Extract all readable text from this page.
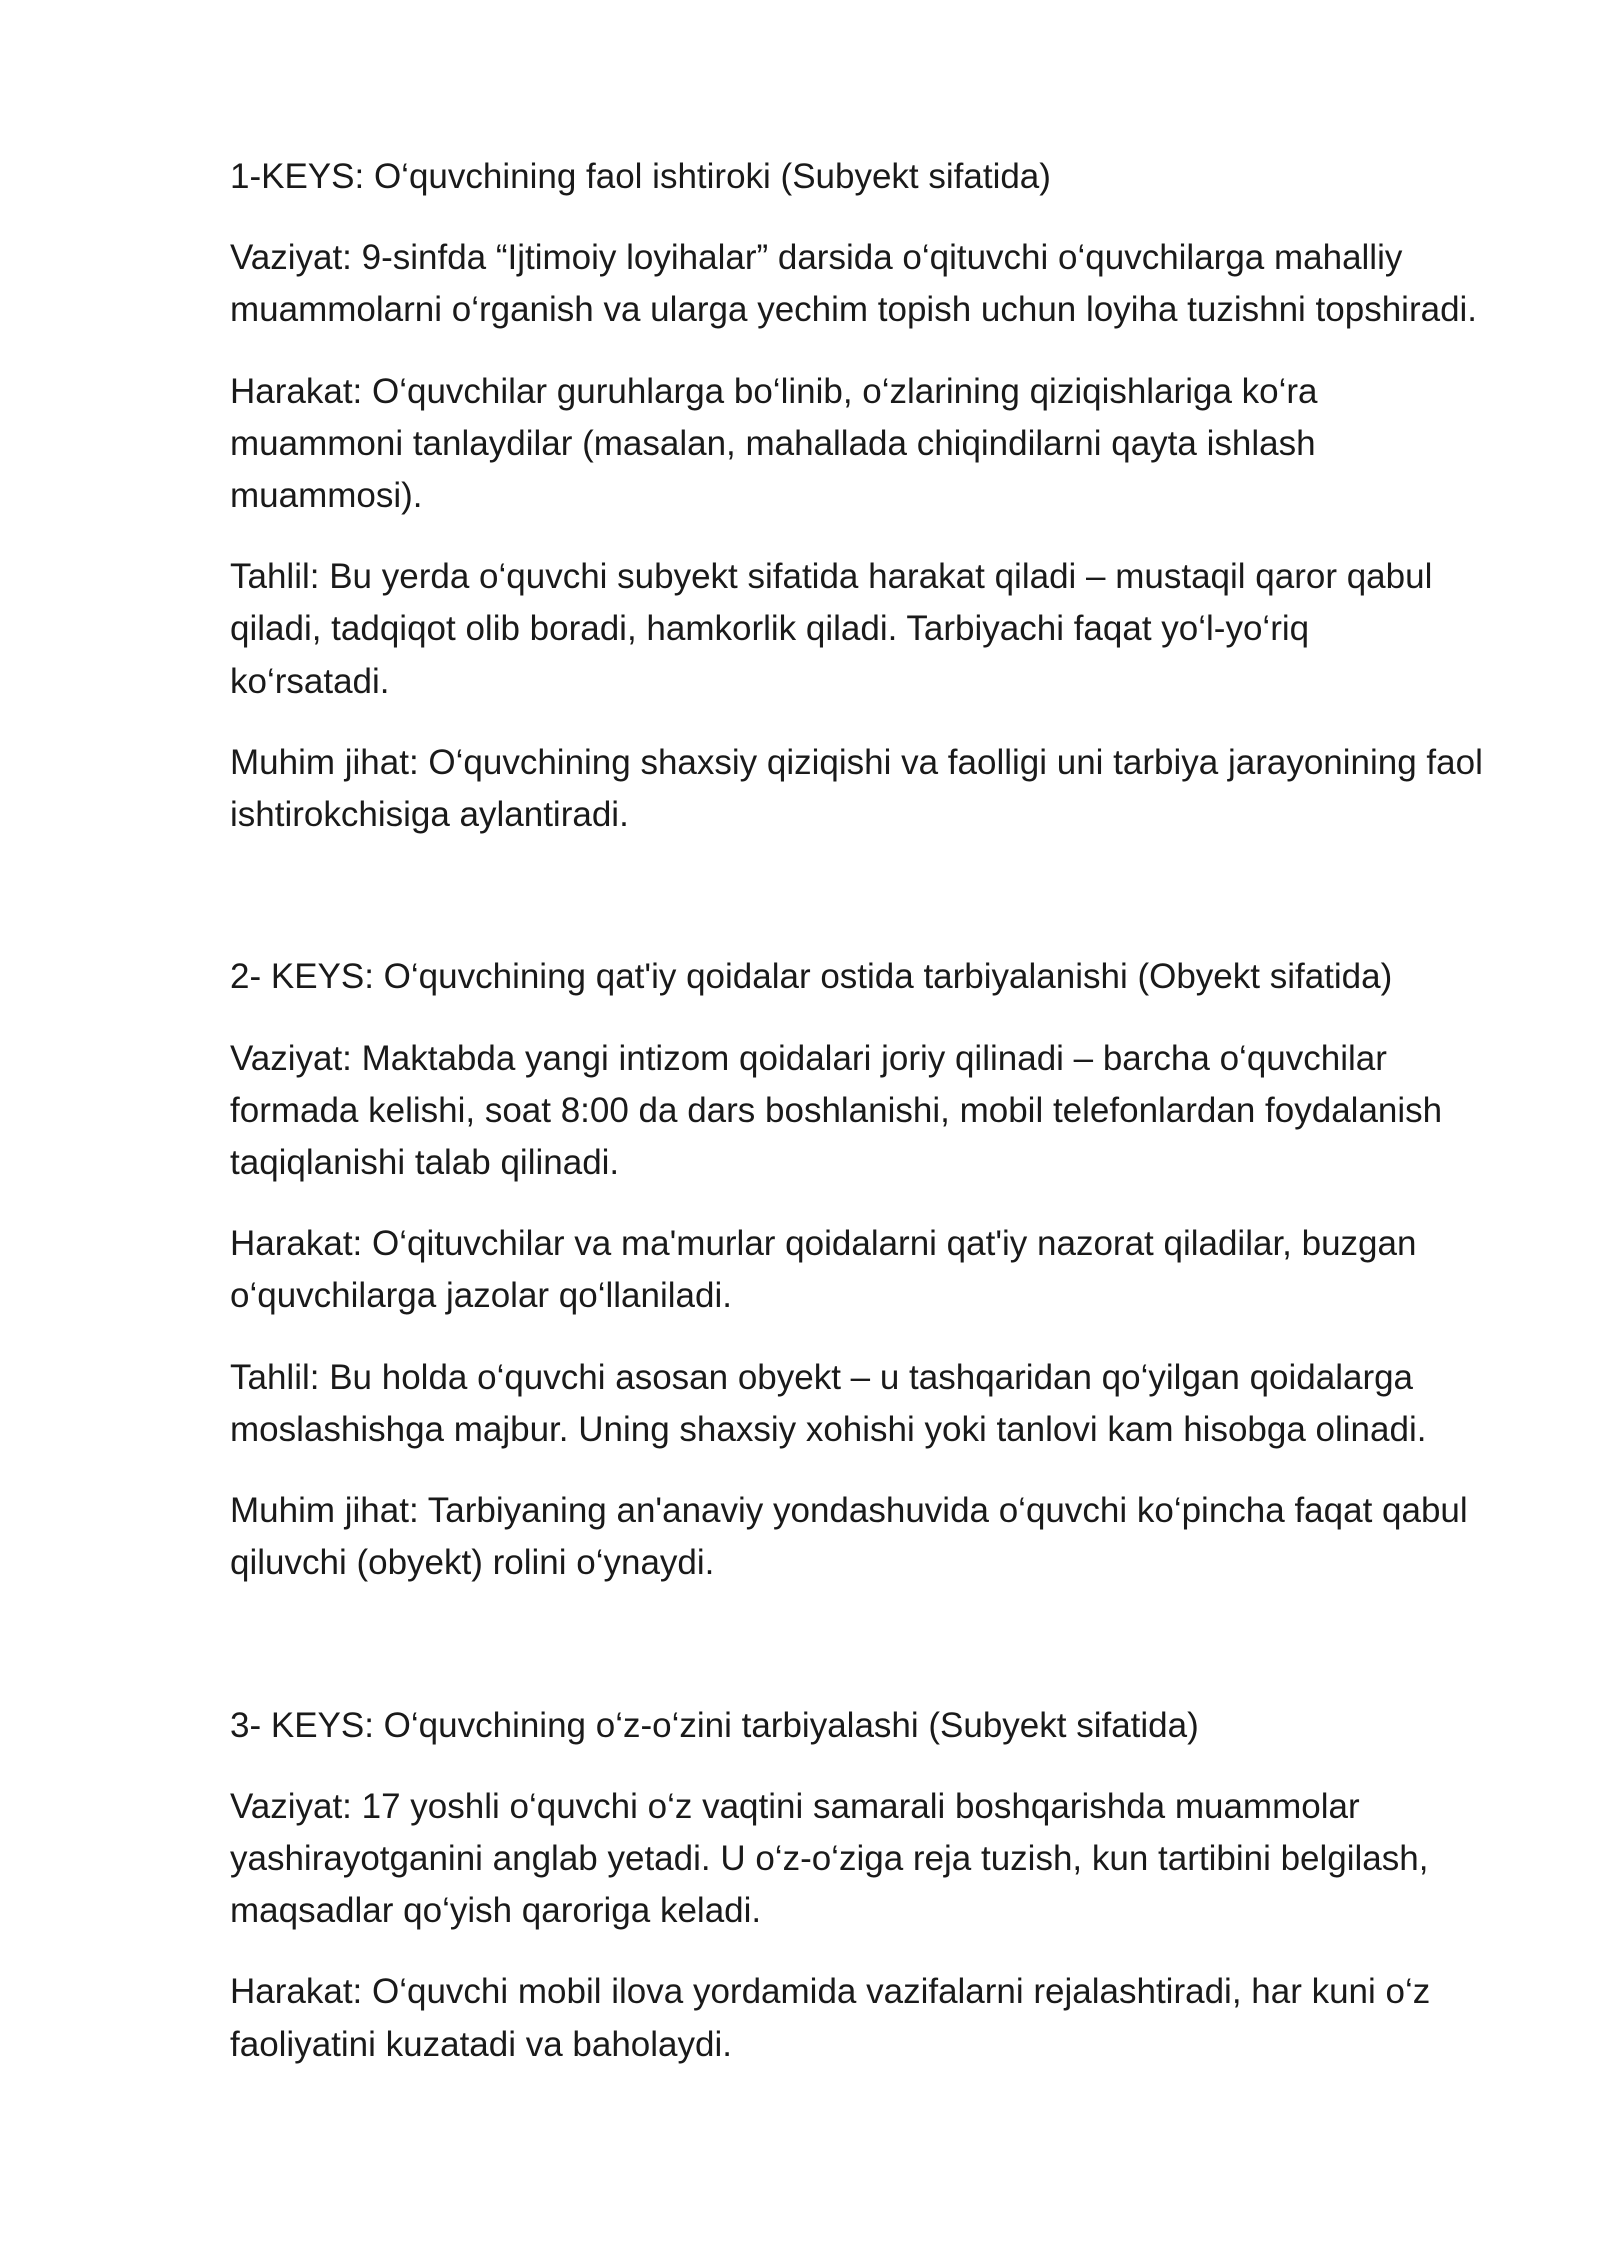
1-KEYS: O‘quvchining faol ishtiroki (Subyekt sifatida)

Vaziyat: 9-sinfda “Ijtimoiy loyihalar” darsida o‘qituvchi o‘quvchilarga mahalliy
muammolarni o‘rganish va ularga yechim topish uchun loyiha tuzishni topshiradi.

Harakat: O‘quvchilar guruhlarga bo‘linib, o‘zlarining qiziqishlariga ko‘ra
muammoni tanlaydilar (masalan, mahallada chiqindilarni qayta ishlash
muammosi).

Tahlil: Bu yerda o‘quvchi subyekt sifatida harakat qiladi – mustaqil qaror qabul
qiladi, tadqiqot olib boradi, hamkorlik qiladi. Tarbiyachi faqat yo‘l-yo‘riq
ko‘rsatadi.

Muhim jihat: O‘quvchining shaxsiy qiziqishi va faolligi uni tarbiya jarayonining faol
ishtirokchisiga aylantiradi.

2- KEYS: O‘quvchining qat'iy qoidalar ostida tarbiyalanishi (Obyekt sifatida)

Vaziyat: Maktabda yangi intizom qoidalari joriy qilinadi – barcha o‘quvchilar
formada kelishi, soat 8:00 da dars boshlanishi, mobil telefonlardan foydalanish
taqiqlanishi talab qilinadi.

Harakat: O‘qituvchilar va ma'murlar qoidalarni qat'iy nazorat qiladilar, buzgan
o‘quvchilarga jazolar qo‘llaniladi.

Tahlil: Bu holda o‘quvchi asosan obyekt – u tashqaridan qo‘yilgan qoidalarga
moslashishga majbur. Uning shaxsiy xohishi yoki tanlovi kam hisobga olinadi.

Muhim jihat: Tarbiyaning an'anaviy yondashuvida o‘quvchi ko‘pincha faqat qabul
qiluvchi (obyekt) rolini o‘ynaydi.

3- KEYS: O‘quvchining o‘z-o‘zini tarbiyalashi (Subyekt sifatida)

Vaziyat: 17 yoshli o‘quvchi o‘z vaqtini samarali boshqarishda muammolar
yashirayotganini anglab yetadi. U o‘z-o‘ziga reja tuzish, kun tartibini belgilash,
maqsadlar qo‘yish qaroriga keladi.

Harakat: O‘quvchi mobil ilova yordamida vazifalarni rejalashtiradi, har kuni o‘z
faoliyatini kuzatadi va baholaydi.
